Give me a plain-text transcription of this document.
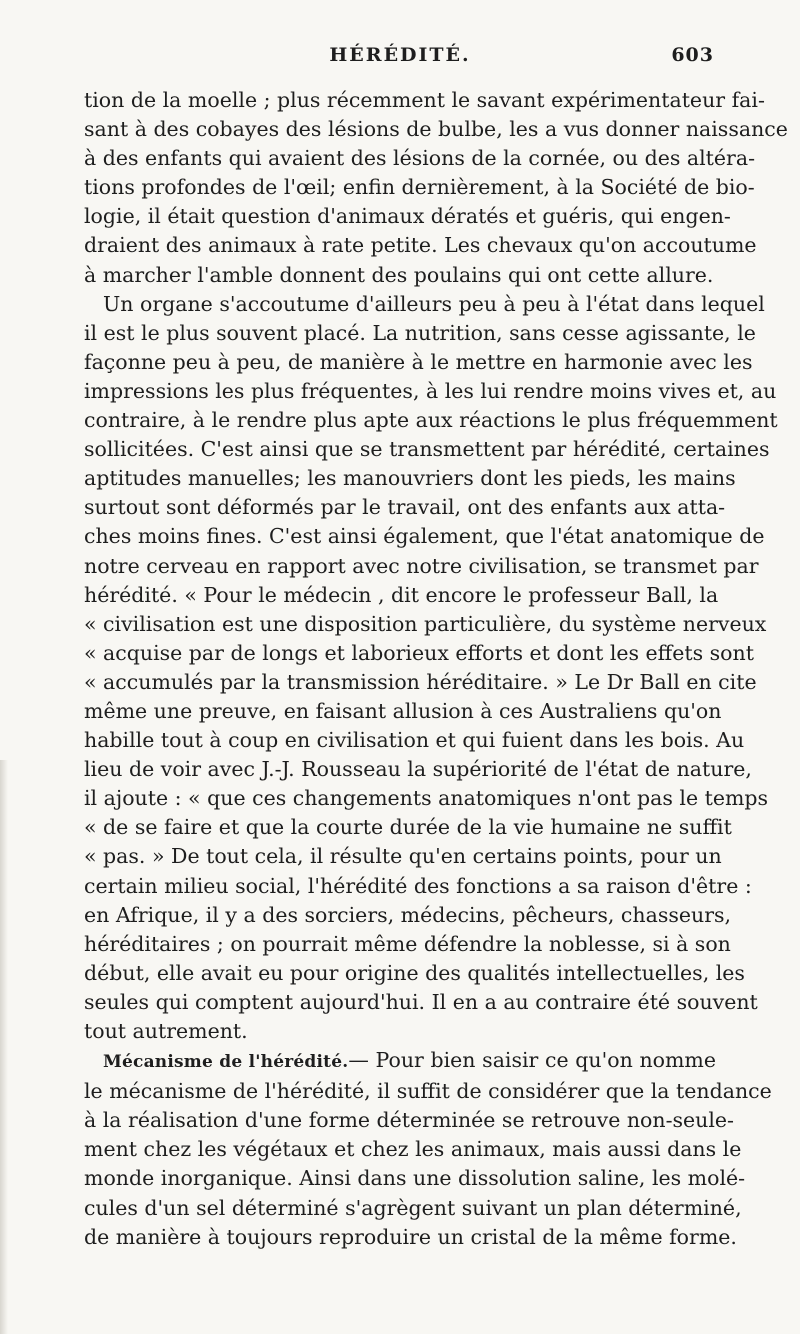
HÉRÉDITÉ.	603
tion de la moelle ; plus récemment le savant expérimentateur fai-
sant à des cobayes des lésions de bulbe, les a vus donner naissance
à des enfants qui avaient des lésions de la cornée, ou des altéra-
tions profondes de l'œil; enfin dernièrement, à la Société de bio-
logie, il était question d'animaux dératés et guéris, qui engen-
draient des animaux à rate petite. Les chevaux qu'on accoutume
à marcher l'amble donnent des poulains qui ont cette allure.
Un organe s'accoutume d'ailleurs peu à peu à l'état dans lequel
il est le plus souvent placé. La nutrition, sans cesse agissante, le
façonne peu à peu, de manière à le mettre en harmonie avec les
impressions les plus fréquentes, à les lui rendre moins vives et, au
contraire, à le rendre plus apte aux réactions le plus fréquemment
sollicitées. C'est ainsi que se transmettent par hérédité, certaines
aptitudes manuelles; les manouvriers dont les pieds, les mains
surtout sont déformés par le travail, ont des enfants aux atta-
ches moins fines. C'est ainsi également, que l'état anatomique de
notre cerveau en rapport avec notre civilisation, se transmet par
hérédité. « Pour le médecin , dit encore le professeur Ball, la
« civilisation est une disposition particulière, du système nerveux
« acquise par de longs et laborieux efforts et dont les effets sont
« accumulés par la transmission héréditaire. » Le Dr Ball en cite
même une preuve, en faisant allusion à ces Australiens qu'on
habille tout à coup en civilisation et qui fuient dans les bois. Au
lieu de voir avec J.-J. Rousseau la supériorité de l'état de nature,
il ajoute : « que ces changements anatomiques n'ont pas le temps
« de se faire et que la courte durée de la vie humaine ne suffit
« pas. » De tout cela, il résulte qu'en certains points, pour un
certain milieu social, l'hérédité des fonctions a sa raison d'être :
en Afrique, il y a des sorciers, médecins, pêcheurs, chasseurs,
héréditaires ; on pourrait même défendre la noblesse, si à son
début, elle avait eu pour origine des qualités intellectuelles, les
seules qui comptent aujourd'hui. Il en a au contraire été souvent
tout autrement.
Mécanisme de l'hérédité.— Pour bien saisir ce qu'on nomme
le mécanisme de l'hérédité, il suffit de considérer que la tendance
à la réalisation d'une forme déterminée se retrouve non-seule-
ment chez les végétaux et chez les animaux, mais aussi dans le
monde inorganique. Ainsi dans une dissolution saline, les molé-
cules d'un sel déterminé s'agrègent suivant un plan déterminé,
de manière à toujours reproduire un cristal de la même forme.
